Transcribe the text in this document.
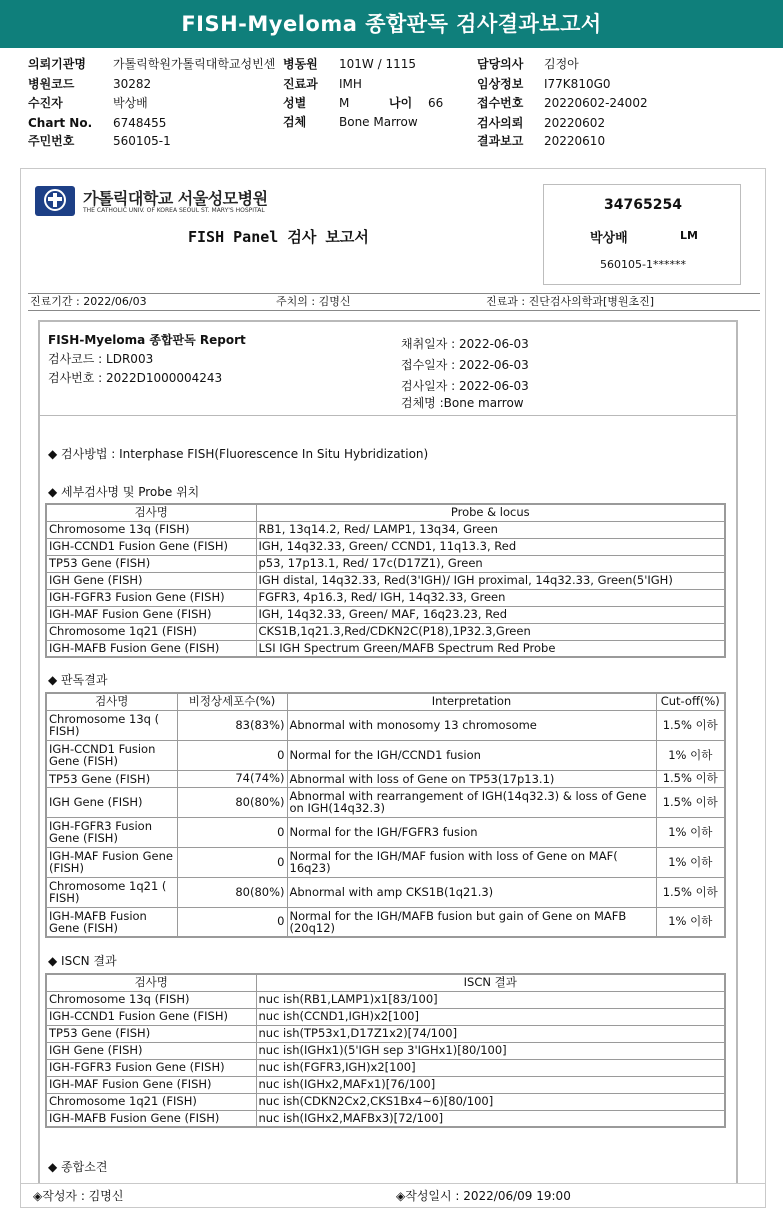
FISH-Myeloma 종합판독 검사결과보고서
의뢰기관명 가톨릭학원가톨릭대학교성빈센 병동원 101W / 1115	담당의사 김정아
병원코드	30282	진료과 IMH	임상정보 I77K810G0
수진자	박상배	성별	M	나이 66	접수번호 20220602-24002
Chart No. 6748455	검체	Bone Marrow	검사의뢰 20220602
주민번호	560105-1	결과보고 20220610
가톨릭대학교 서울성모병원
THE CATHOLIC UNIV. OF KOREA SEOUL ST. MARY'S HOSPITAL
FISH Panel 검사 보고서
34765254
박상배	LM
560105-1******
진료기간 : 2022/06/03	주치의 : 김명신	진료과 : 진단검사의학과[병원초진]
FISH-Myeloma 종합판독 Report
검사코드 : LDR003
검사번호 : 2022D1000004243
채취일자 : 2022-06-03
접수일자 : 2022-06-03
검사일자 : 2022-06-03
검체명 :Bone marrow
◆ 검사방법 : Interphase FISH(Fluorescence In Situ Hybridization)
◆ 세부검사명 및 Probe 위치
검사명	Probe & locus
Chromosome 13q (FISH)	RB1, 13q14.2, Red/ LAMP1, 13q34, Green
IGH-CCND1 Fusion Gene (FISH)	IGH, 14q32.33, Green/ CCND1, 11q13.3, Red
TP53 Gene (FISH)	p53, 17p13.1, Red/ 17c(D17Z1), Green
IGH Gene (FISH)	IGH distal, 14q32.33, Red(3'IGH)/ IGH proximal, 14q32.33, Green(5'IGH)
IGH-FGFR3 Fusion Gene (FISH)	FGFR3, 4p16.3, Red/ IGH, 14q32.33, Green
IGH-MAF Fusion Gene (FISH)	IGH, 14q32.33, Green/ MAF, 16q23.23, Red
Chromosome 1q21 (FISH)	CKS1B,1q21.3,Red/CDKN2C(P18),1P32.3,Green
IGH-MAFB Fusion Gene (FISH)	LSI IGH Spectrum Green/MAFB Spectrum Red Probe
◆ 판독결과
검사명	비정상세포수(%)	Interpretation	Cut-off(%)
Chromosome 13q ( FISH)	83(83%)	Abnormal with monosomy 13 chromosome	1.5% 이하
IGH-CCND1 Fusion Gene (FISH)	0	Normal for the IGH/CCND1 fusion	1% 이하
TP53 Gene (FISH)	74(74%)	Abnormal with loss of Gene on TP53(17p13.1)	1.5% 이하
IGH Gene (FISH)	80(80%)	Abnormal with rearrangement of IGH(14q32.3) & loss of Gene on IGH(14q32.3)	1.5% 이하
IGH-FGFR3 Fusion Gene (FISH)	0	Normal for the IGH/FGFR3 fusion	1% 이하
IGH-MAF Fusion Gene (FISH)	0	Normal for the IGH/MAF fusion with loss of Gene on MAF( 16q23)	1% 이하
Chromosome 1q21 ( FISH)	80(80%)	Abnormal with amp CKS1B(1q21.3)	1.5% 이하
IGH-MAFB Fusion Gene (FISH)	0	Normal for the IGH/MAFB fusion but gain of Gene on MAFB (20q12)	1% 이하
◆ ISCN 결과
검사명	ISCN 결과
Chromosome 13q (FISH)	nuc ish(RB1,LAMP1)x1[83/100]
IGH-CCND1 Fusion Gene (FISH)	nuc ish(CCND1,IGH)x2[100]
TP53 Gene (FISH)	nuc ish(TP53x1,D17Z1x2)[74/100]
IGH Gene (FISH)	nuc ish(IGHx1)(5'IGH sep 3'IGHx1)[80/100]
IGH-FGFR3 Fusion Gene (FISH)	nuc ish(FGFR3,IGH)x2[100]
IGH-MAF Fusion Gene (FISH)	nuc ish(IGHx2,MAFx1)[76/100]
Chromosome 1q21 (FISH)	nuc ish(CDKN2Cx2,CKS1Bx4~6)[80/100]
IGH-MAFB Fusion Gene (FISH)	nuc ish(IGHx2,MAFBx3)[72/100]
◆ 종합소견
◈작성자 : 김명신	◈작성일시 : 2022/06/09 19:00
